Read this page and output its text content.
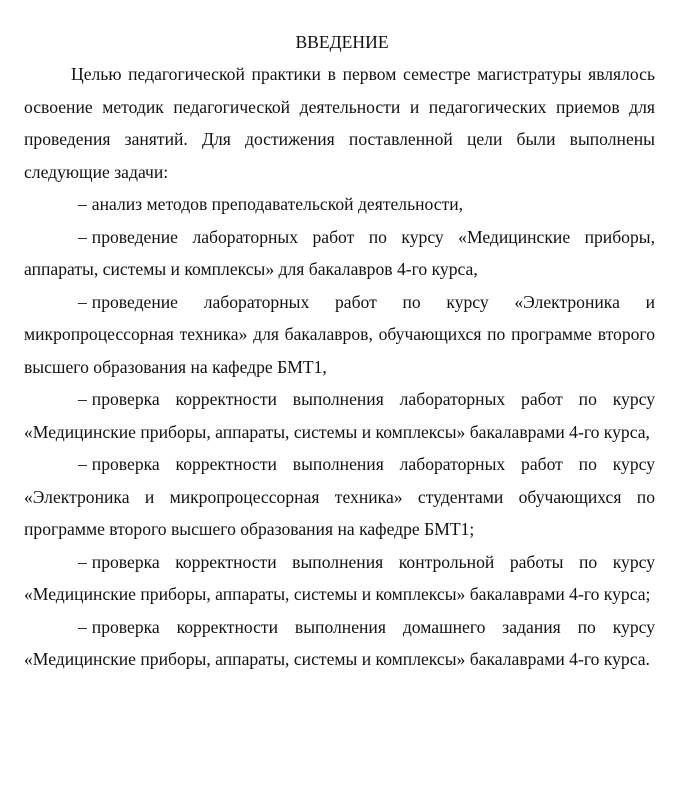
ВВЕДЕНИЕ

Целью педагогической практики в первом семестре магистратуры являлось освоение методик педагогической деятельности и педагогических приемов для проведения занятий. Для достижения поставленной цели были выполнены следующие задачи:

– анализ методов преподавательской деятельности,

– проведение лабораторных работ по курсу «Медицинские приборы, аппараты, системы и комплексы» для бакалавров 4-го курса,

– проведение лабораторных работ по курсу «Электроника и микропроцессорная техника» для бакалавров, обучающихся по программе второго высшего образования на кафедре БМТ1,

– проверка корректности выполнения лабораторных работ по курсу «Медицинские приборы, аппараты, системы и комплексы» бакалаврами 4-го курса,

– проверка корректности выполнения лабораторных работ по курсу «Электроника и микропроцессорная техника» студентами обучающихся по программе второго высшего образования на кафедре БМТ1;

– проверка корректности выполнения контрольной работы по курсу «Медицинские приборы, аппараты, системы и комплексы» бакалаврами 4-го курса;

– проверка корректности выполнения домашнего задания по курсу «Медицинские приборы, аппараты, системы и комплексы» бакалаврами 4-го курса.
